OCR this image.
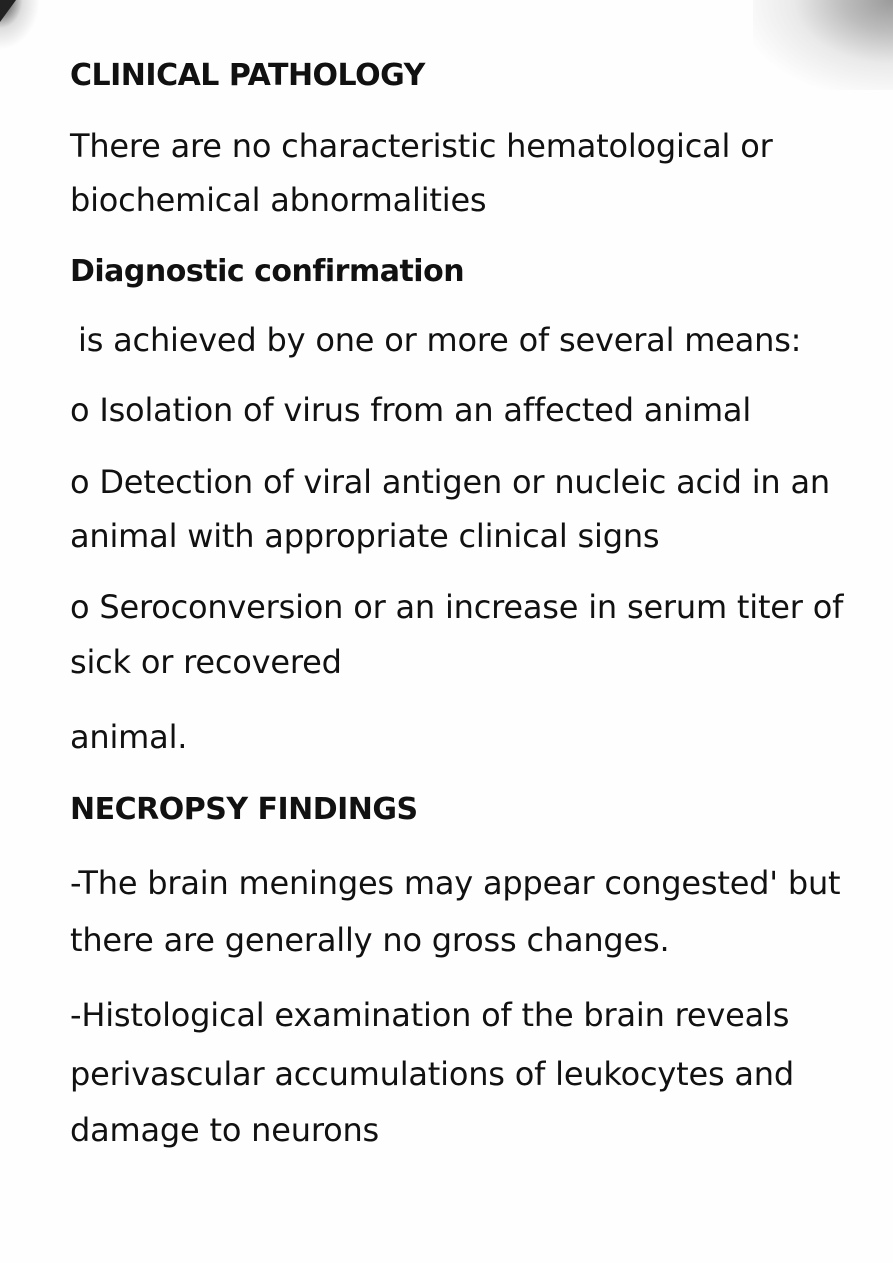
CLINICAL PATHOLOGY

There are no characteristic hematological or

biochemical abnormalities

Diagnostic confirmation

is achieved by one or more of several means:

o Isolation of virus from an affected animal

o Detection of viral antigen or nucleic acid in an

animal with appropriate clinical signs

o Seroconversion or an increase in serum titer of

sick or recovered

animal.

NECROPSY FINDINGS

-The brain meninges may appear congested' but

there are generally no gross changes.

-Histological examination of the brain reveals

perivascular accumulations of leukocytes and

damage to neurons
